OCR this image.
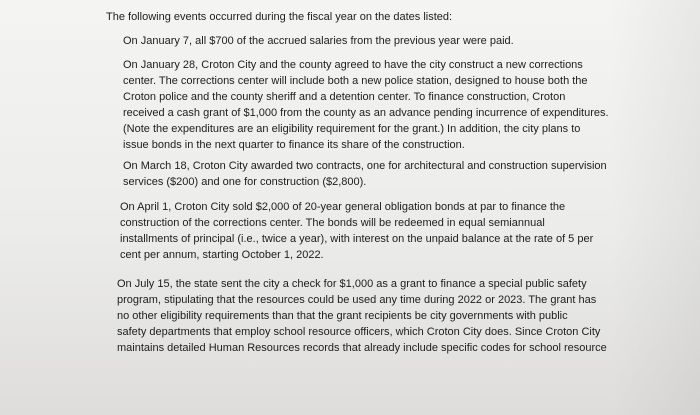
The following events occurred during the fiscal year on the dates listed:
On January 7, all $700 of the accrued salaries from the previous year were paid.
On January 28, Croton City and the county agreed to have the city construct a new corrections
center. The corrections center will include both a new police station, designed to house both the
Croton police and the county sheriff and a detention center. To finance construction, Croton
received a cash grant of $1,000 from the county as an advance pending incurrence of expenditures.
(Note the expenditures are an eligibility requirement for the grant.) In addition, the city plans to
issue bonds in the next quarter to finance its share of the construction.
On March 18, Croton City awarded two contracts, one for architectural and construction supervision
services ($200) and one for construction ($2,800).
On April 1, Croton City sold $2,000 of 20-year general obligation bonds at par to finance the
construction of the corrections center. The bonds will be redeemed in equal semiannual
installments of principal (i.e., twice a year), with interest on the unpaid balance at the rate of 5 per
cent per annum, starting October 1, 2022.
On July 15, the state sent the city a check for $1,000 as a grant to finance a special public safety
program, stipulating that the resources could be used any time during 2022 or 2023. The grant has
no other eligibility requirements than that the grant recipients be city governments with public
safety departments that employ school resource officers, which Croton City does. Since Croton City
maintains detailed Human Resources records that already include specific codes for school resource
